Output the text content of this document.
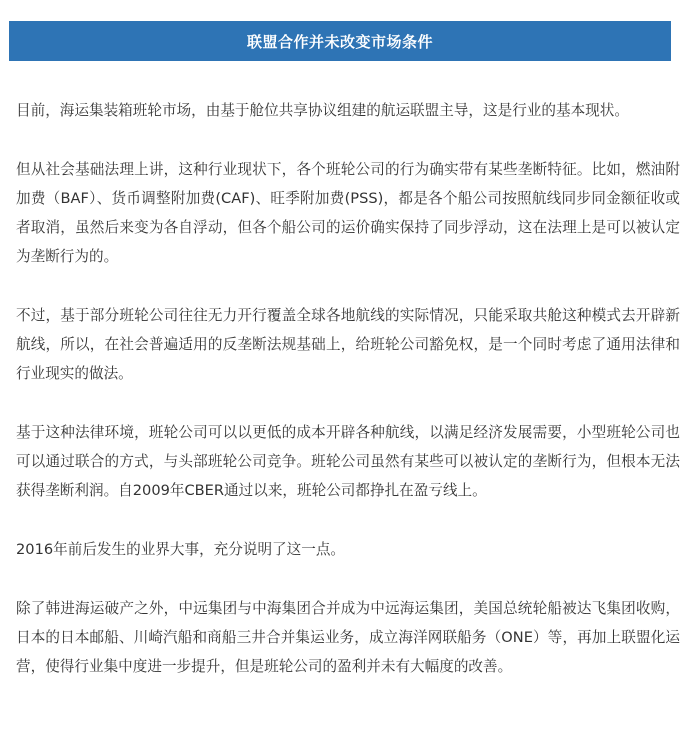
联盟合作并未改变市场条件

目前，海运集装箱班轮市场，由基于舱位共享协议组建的航运联盟主导，这是行业的基本现状。

但从社会基础法理上讲，这种行业现状下，各个班轮公司的行为确实带有某些垄断特征。比如，燃油附加费（BAF）、货币调整附加费(CAF)、旺季附加费(PSS)，都是各个船公司按照航线同步同金额征收或者取消，虽然后来变为各自浮动，但各个船公司的运价确实保持了同步浮动，这在法理上是可以被认定为垄断行为的。

不过，基于部分班轮公司往往无力开行覆盖全球各地航线的实际情况，只能采取共舱这种模式去开辟新航线，所以，在社会普遍适用的反垄断法规基础上，给班轮公司豁免权，是一个同时考虑了通用法律和行业现实的做法。

基于这种法律环境，班轮公司可以以更低的成本开辟各种航线，以满足经济发展需要，小型班轮公司也可以通过联合的方式，与头部班轮公司竞争。班轮公司虽然有某些可以被认定的垄断行为，但根本无法获得垄断利润。自2009年CBER通过以来，班轮公司都挣扎在盈亏线上。

2016年前后发生的业界大事，充分说明了这一点。

除了韩进海运破产之外，中远集团与中海集团合并成为中远海运集团，美国总统轮船被达飞集团收购，日本的日本邮船、川崎汽船和商船三井合并集运业务，成立海洋网联船务（ONE）等，再加上联盟化运营，使得行业集中度进一步提升，但是班轮公司的盈利并未有大幅度的改善。
